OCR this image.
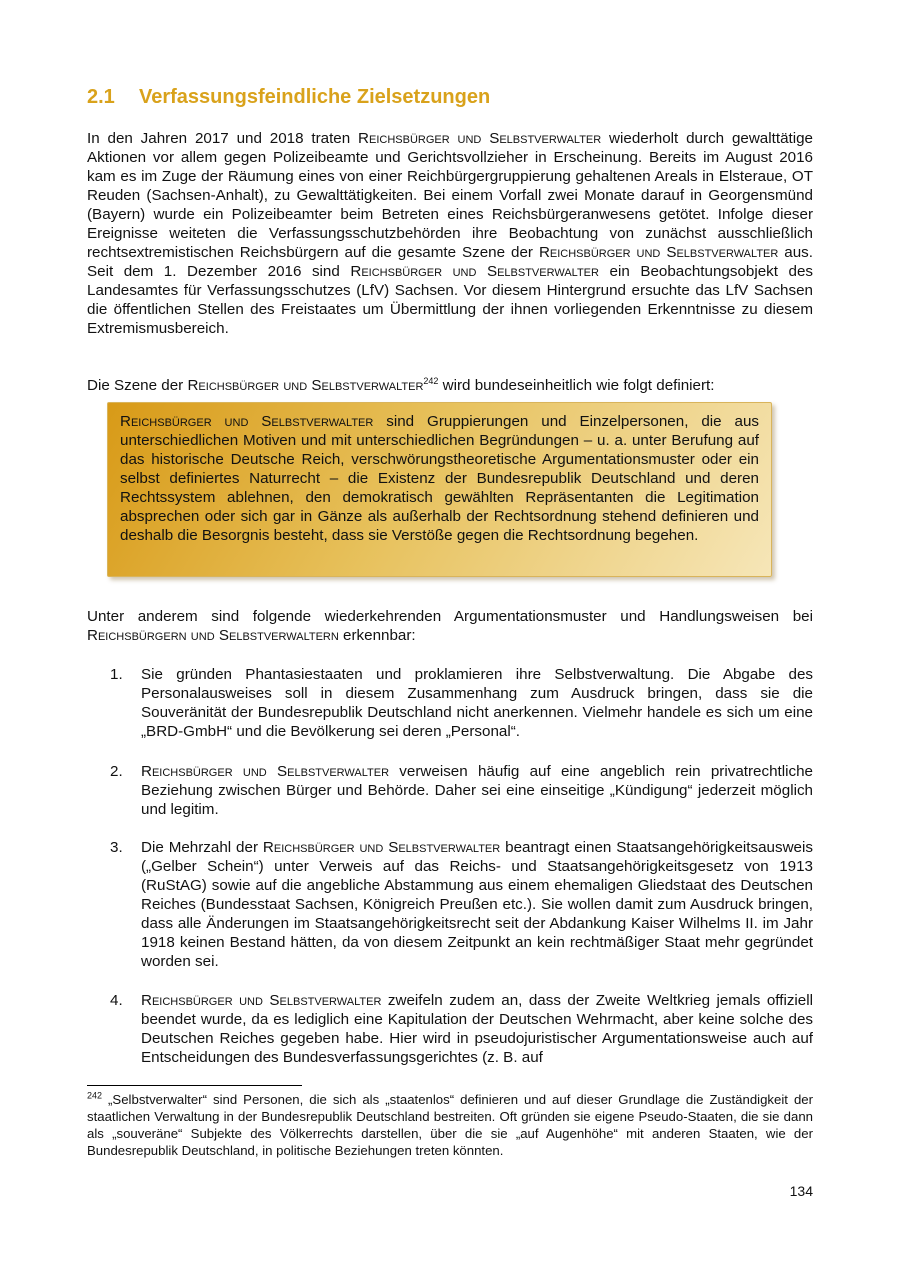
2.1 Verfassungsfeindliche Zielsetzungen

In den Jahren 2017 und 2018 traten Reichsbürger und Selbstverwalter wiederholt durch gewalttätige Aktionen vor allem gegen Polizeibeamte und Gerichtsvollzieher in Erscheinung. Bereits im August 2016 kam es im Zuge der Räumung eines von einer Reichbürgergruppierung gehaltenen Areals in Elsteraue, OT Reuden (Sachsen-Anhalt), zu Gewalttätigkeiten. Bei einem Vorfall zwei Monate darauf in Georgensmünd (Bayern) wurde ein Polizeibeamter beim Betreten eines Reichsbürgeranwesens getötet. Infolge dieser Ereignisse weiteten die Verfassungsschutzbehörden ihre Beobachtung von zunächst ausschließlich rechtsextremistischen Reichsbürgern auf die gesamte Szene der Reichsbürger und Selbstverwalter aus. Seit dem 1. Dezember 2016 sind Reichsbürger und Selbstverwalter ein Beobachtungsobjekt des Landesamtes für Verfassungsschutzes (LfV) Sachsen. Vor diesem Hintergrund ersuchte das LfV Sachsen die öffentlichen Stellen des Freistaates um Übermittlung der ihnen vorliegenden Erkenntnisse zu diesem Extremismusbereich.

Die Szene der Reichsbürger und Selbstverwalter$^{242}$ wird bundeseinheitlich wie folgt definiert:

Reichsbürger und Selbstverwalter sind Gruppierungen und Einzelpersonen, die aus unterschiedlichen Motiven und mit unterschiedlichen Begründungen – u. a. unter Berufung auf das historische Deutsche Reich, verschwörungstheoretische Argumentationsmuster oder ein selbst definiertes Naturrecht – die Existenz der Bundesrepublik Deutschland und deren Rechtssystem ablehnen, den demokratisch gewählten Repräsentanten die Legitimation absprechen oder sich gar in Gänze als außerhalb der Rechtsordnung stehend definieren und deshalb die Besorgnis besteht, dass sie Verstöße gegen die Rechtsordnung begehen.

Unter anderem sind folgende wiederkehrenden Argumentationsmuster und Handlungsweisen bei Reichsbürgern und Selbstverwaltern erkennbar:

1.	Sie gründen Phantasiestaaten und proklamieren ihre Selbstverwaltung. Die Abgabe des Personalausweises soll in diesem Zusammenhang zum Ausdruck bringen, dass sie die Souveränität der Bundesrepublik Deutschland nicht anerkennen. Vielmehr handele es sich um eine „BRD-GmbH“ und die Bevölkerung sei deren „Personal“.
2.	Reichsbürger und Selbstverwalter verweisen häufig auf eine angeblich rein privatrechtliche Beziehung zwischen Bürger und Behörde. Daher sei eine einseitige „Kündigung“ jederzeit möglich und legitim.
3.	Die Mehrzahl der Reichsbürger und Selbstverwalter beantragt einen Staatsangehörigkeitsausweis („Gelber Schein“) unter Verweis auf das Reichs- und Staatsangehörigkeitsgesetz von 1913 (RuStAG) sowie auf die angebliche Abstammung aus einem ehemaligen Gliedstaat des Deutschen Reiches (Bundesstaat Sachsen, Königreich Preußen etc.). Sie wollen damit zum Ausdruck bringen, dass alle Änderungen im Staatsangehörigkeitsrecht seit der Abdankung Kaiser Wilhelms II. im Jahr 1918 keinen Bestand hätten, da von diesem Zeitpunkt an kein rechtmäßiger Staat mehr gegründet worden sei.
4.	Reichsbürger und Selbstverwalter zweifeln zudem an, dass der Zweite Weltkrieg jemals offiziell beendet wurde, da es lediglich eine Kapitulation der Deutschen Wehrmacht, aber keine solche des Deutschen Reiches gegeben habe. Hier wird in pseudojuristischer Argumentationsweise auch auf Entscheidungen des Bundesverfassungsgerichtes (z. B. auf
$^{242}$ „Selbstverwalter“ sind Personen, die sich als „staatenlos“ definieren und auf dieser Grundlage die Zuständigkeit der staatlichen Verwaltung in der Bundesrepublik Deutschland bestreiten. Oft gründen sie eigene Pseudo-Staaten, die sie dann als „souveräne“ Subjekte des Völkerrechts darstellen, über die sie „auf Augenhöhe“ mit anderen Staaten, wie der Bundesrepublik Deutschland, in politische Beziehungen treten könnten.
134
